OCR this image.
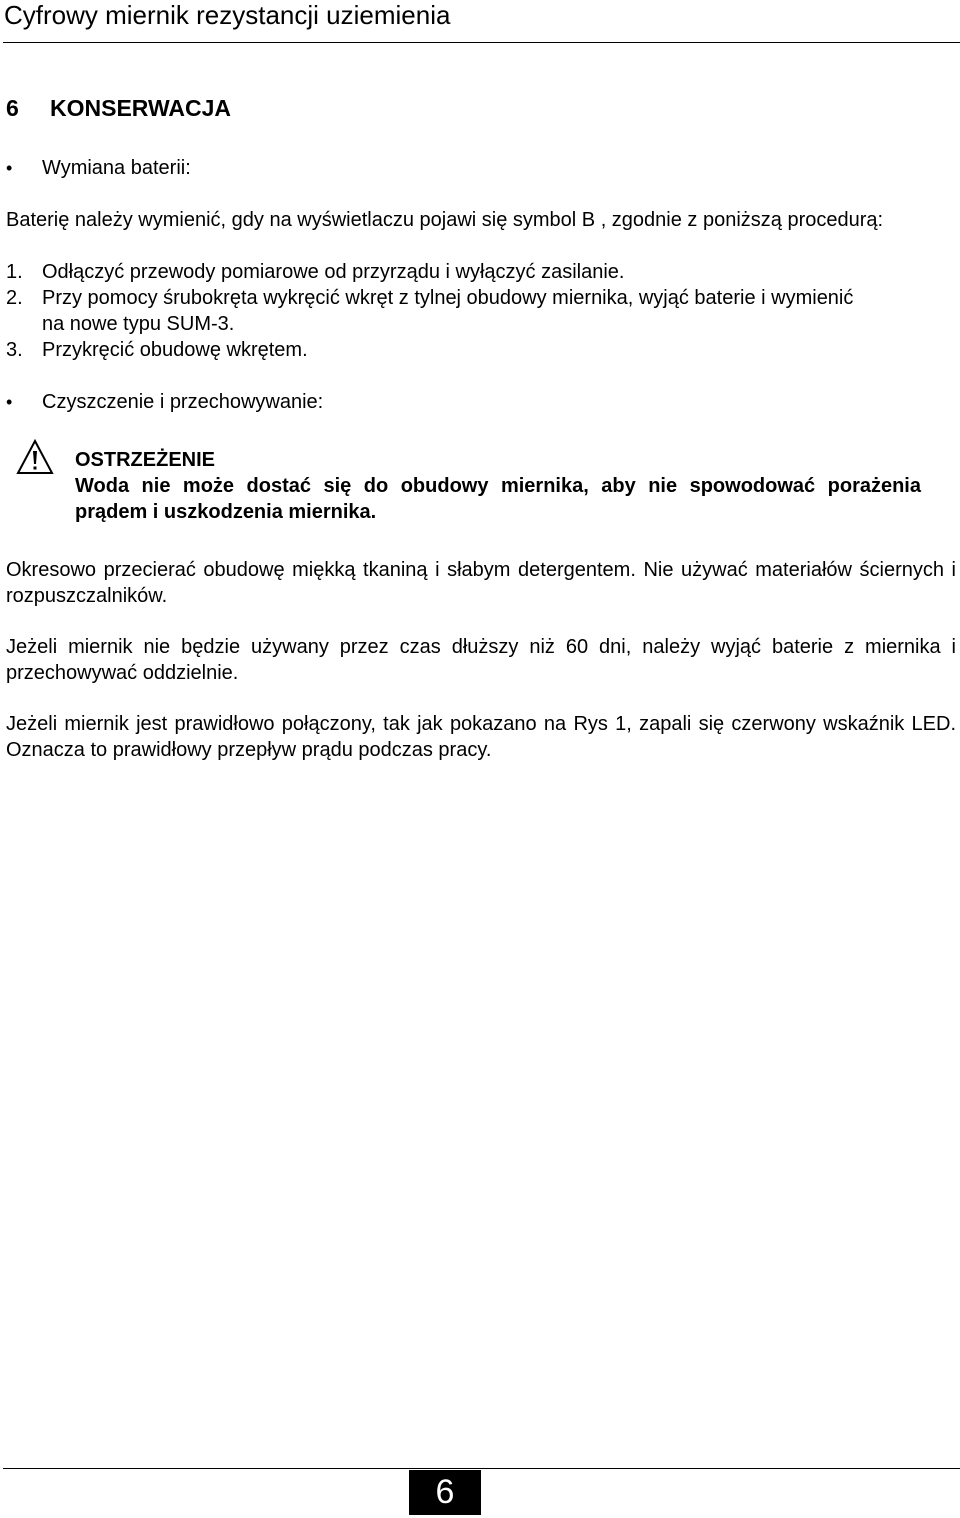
Cyfrowy miernik rezystancji uziemienia
6 KONSERWACJA
• Wymiana baterii:
Baterię należy wymienić, gdy na wyświetlaczu pojawi się symbol B , zgodnie z poniższą procedurą:
1. Odłączyć przewody pomiarowe od przyrządu i wyłączyć zasilanie.
2. Przy pomocy śrubokręta wykręcić wkręt z tylnej obudowy miernika, wyjąć baterie i wymienić
na nowe typu SUM-3.
3. Przykręcić obudowę wkrętem.
• Czyszczenie i przechowywanie:
OSTRZEŻENIE
Woda nie może dostać się do obudowy miernika, aby nie spowodować porażenia prądem i uszkodzenia miernika.
Okresowo przecierać obudowę miękką tkaniną i słabym detergentem. Nie używać materiałów ściernych i rozpuszczalników.
Jeżeli miernik nie będzie używany przez czas dłuższy niż 60 dni, należy wyjąć baterie z miernika i przechowywać oddzielnie.
Jeżeli miernik jest prawidłowo połączony, tak jak pokazano na Rys 1, zapali się czerwony wskaźnik LED. Oznacza to prawidłowy przepływ prądu podczas pracy.
6
